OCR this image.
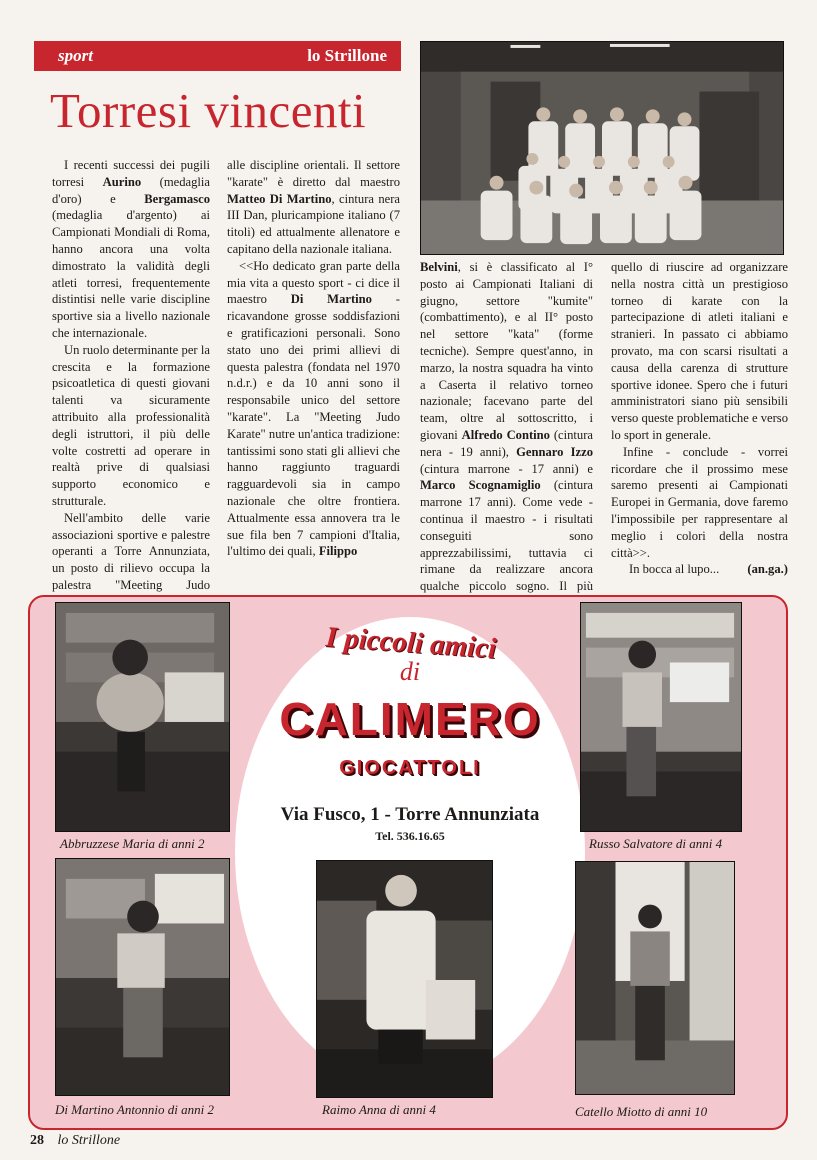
sport	lo Strillone
Torresi vincenti

I recenti successi dei pugili torresi Aurino (medaglia d'oro) e Bergamasco (medaglia d'argento) ai Campionati Mondiali di Roma, hanno ancora una volta dimostrato la validità degli atleti torresi, frequentemente distintisi nelle varie discipline sportive sia a livello nazionale che internazionale.

Un ruolo determinante per la crescita e la formazione psicoatletica di questi giovani talenti va sicuramente attribuito alla professionalità degli istruttori, il più delle volte costretti ad operare in realtà prive di qualsiasi supporto economico e strutturale.

Nell'ambito delle varie associazioni sportive e palestre operanti a Torre Annunziata, un posto di rilievo occupa la palestra "Meeting Judo

alle discipline orientali. Il settore "karate" è diretto dal maestro Matteo Di Martino, cintura nera III Dan, pluricampione italiano (7 titoli) ed attualmente allenatore e capitano della nazionale italiana.

<<Ho dedicato gran parte della mia vita a questo sport - ci dice il maestro Di Martino - ricavandone grosse soddisfazioni e gratificazioni personali. Sono stato uno dei primi allievi di questa palestra (fondata nel 1970 n.d.r.) e da 10 anni sono il responsabile unico del settore "karate". La "Meeting Judo Karate" nutre un'antica tradizione: tantissimi sono stati gli allievi che hanno raggiunto traguardi ragguardevoli sia in campo nazionale che oltre frontiera. Attualmente essa annovera tra le sue fila ben 7 campioni d'Italia, l'ultimo dei quali, Filippo

Belvini, si è classificato al I° posto ai Campionati Italiani di giugno, settore "kumite" (combattimento), e al II° posto nel settore "kata" (forme tecniche). Sempre quest'anno, in marzo, la nostra squadra ha vinto a Caserta il relativo torneo nazionale; facevano parte del team, oltre al sottoscritto, i giovani Alfredo Contino (cintura nera - 19 anni), Gennaro Izzo (cintura marrone - 17 anni) e Marco Scognamiglio (cintura marrone 17 anni). Come vede - continua il maestro - i risultati conseguiti sono apprezzabilissimi, tuttavia ci rimane da realizzare ancora qualche piccolo sogno. Il più

quello di riuscire ad organizzare nella nostra città un prestigioso torneo di karate con la partecipazione di atleti italiani e stranieri. In passato ci abbiamo provato, ma con scarsi risultati a causa della carenza di strutture sportive idonee. Spero che i futuri amministratori siano più sensibili verso queste problematiche e verso lo sport in generale.

Infine - conclude - vorrei ricordare che il prossimo mese saremo presenti ai Campionati Europei in Germania, dove faremo l'impossibile per rappresentare al meglio i colori della nostra città>>.

In bocca al lupo... (an.ga.)
I piccoli amici
di
CALIMERO
GIOCATTOLI
Via Fusco, 1 - Torre Annunziata
Tel. 536.16.65
Abbruzzese Maria di anni 2	Russo Salvatore di anni 4
Di Martino Antonnio di anni 2	Raimo Anna di anni 4	Catello Miotto di anni 10
28 lo Strillone
